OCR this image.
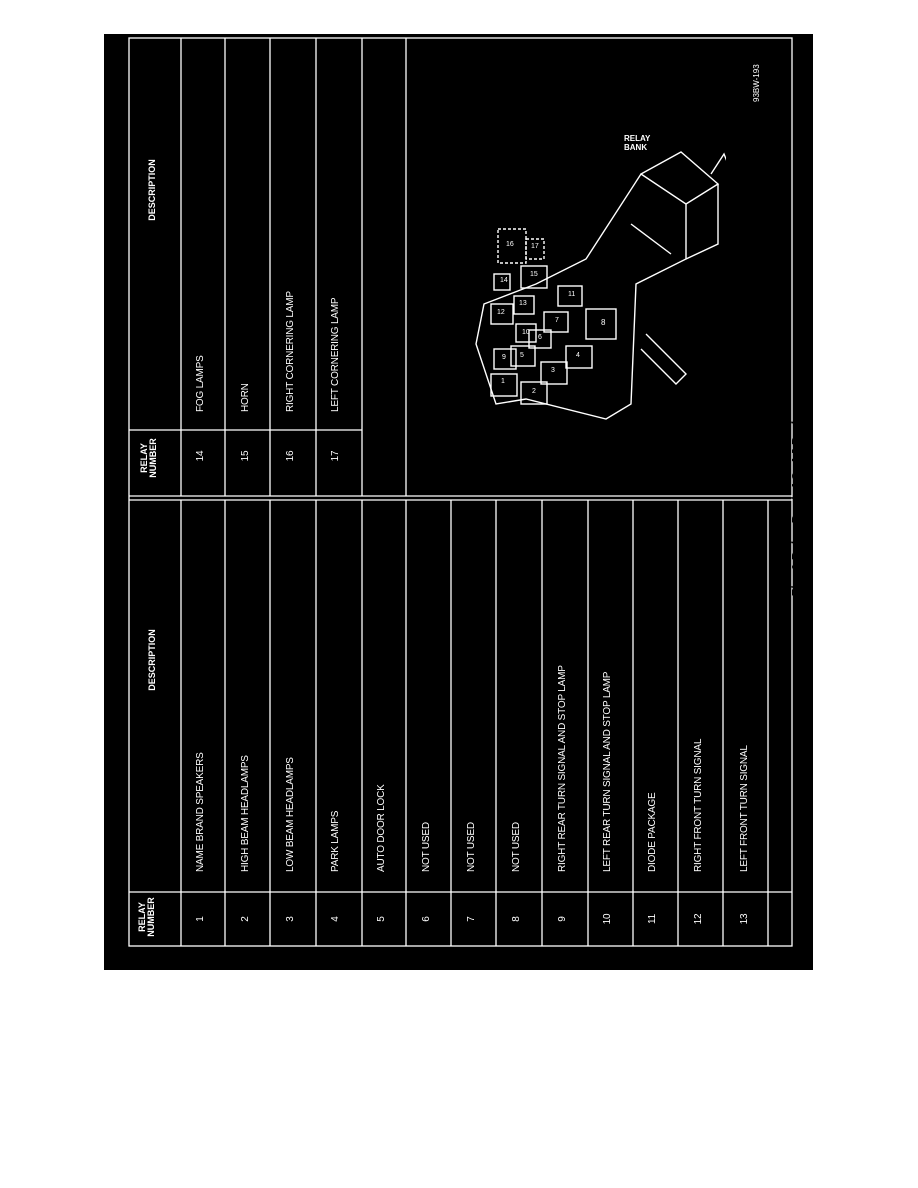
RELAY
NUMBER
DESCRIPTION
RELAY
NUMBER
DESCRIPTION
1
NAME BRAND SPEAKERS
2
HIGH BEAM HEADLAMPS
3
LOW BEAM HEADLAMPS
4
PARK LAMPS
5
AUTO DOOR LOCK
6
NOT USED
7
NOT USED
8
NOT USED
9
RIGHT REAR TURN SIGNAL AND STOP LAMP
10
LEFT REAR TURN SIGNAL AND STOP LAMP
11
DIODE PACKAGE
12
RIGHT FRONT TURN SIGNAL
13
LEFT FRONT TURN SIGNAL
14
FOG LAMPS
15
HORN
16
RIGHT CORNERING LAMP
17
LEFT CORNERING LAMP
93BW-193
RELAY
BANK
1
2
3
4
5
6
7	8
9
10
11
12
13
14
15
16 17
Fig. 6 Relay Bank AG, AJ Body
